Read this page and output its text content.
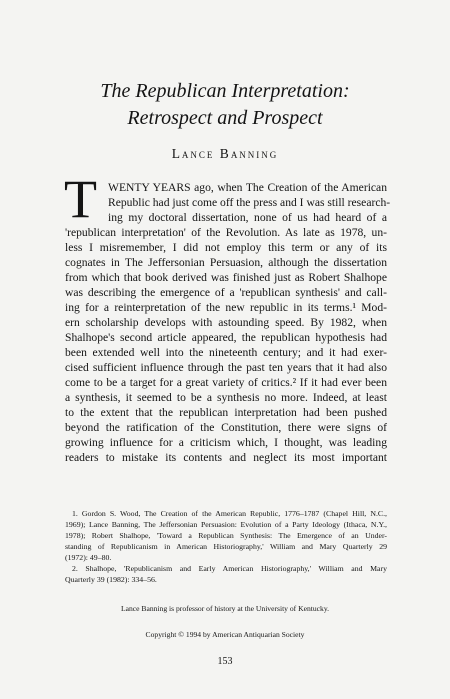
The Republican Interpretation:
Retrospect and Prospect
Lance Banning
T WENTY YEARS ago, when The Creation of the American
Republic had just come off the press and I was still research-
ing my doctoral dissertation, none of us had heard of a
'republican interpretation' of the Revolution. As late as 1978, un-
less I misremember, I did not employ this term or any of its
cognates in The Jeffersonian Persuasion, although the dissertation
from which that book derived was finished just as Robert Shalhope
was describing the emergence of a 'republican synthesis' and call-
ing for a reinterpretation of the new republic in its terms.¹ Mod-
ern scholarship develops with astounding speed. By 1982, when
Shalhope's second article appeared, the republican hypothesis had
been extended well into the nineteenth century; and it had exer-
cised sufficient influence through the past ten years that it had also
come to be a target for a great variety of critics.² If it had ever been
a synthesis, it seemed to be a synthesis no more. Indeed, at least
to the extent that the republican interpretation had been pushed
beyond the ratification of the Constitution, there were signs of
growing influence for a criticism which, I thought, was leading
readers to mistake its contents and neglect its most important
1. Gordon S. Wood, The Creation of the American Republic, 1776–1787 (Chapel Hill, N.C.,
1969); Lance Banning, The Jeffersonian Persuasion: Evolution of a Party Ideology (Ithaca, N.Y.,
1978); Robert Shalhope, 'Toward a Republican Synthesis: The Emergence of an Under-
standing of Republicanism in American Historiography,' William and Mary Quarterly 29
(1972): 49–80.
2. Shalhope, 'Republicanism and Early American Historiography,' William and Mary
Quarterly 39 (1982): 334–56.
Lance Banning is professor of history at the University of Kentucky.
Copyright © 1994 by American Antiquarian Society
153
